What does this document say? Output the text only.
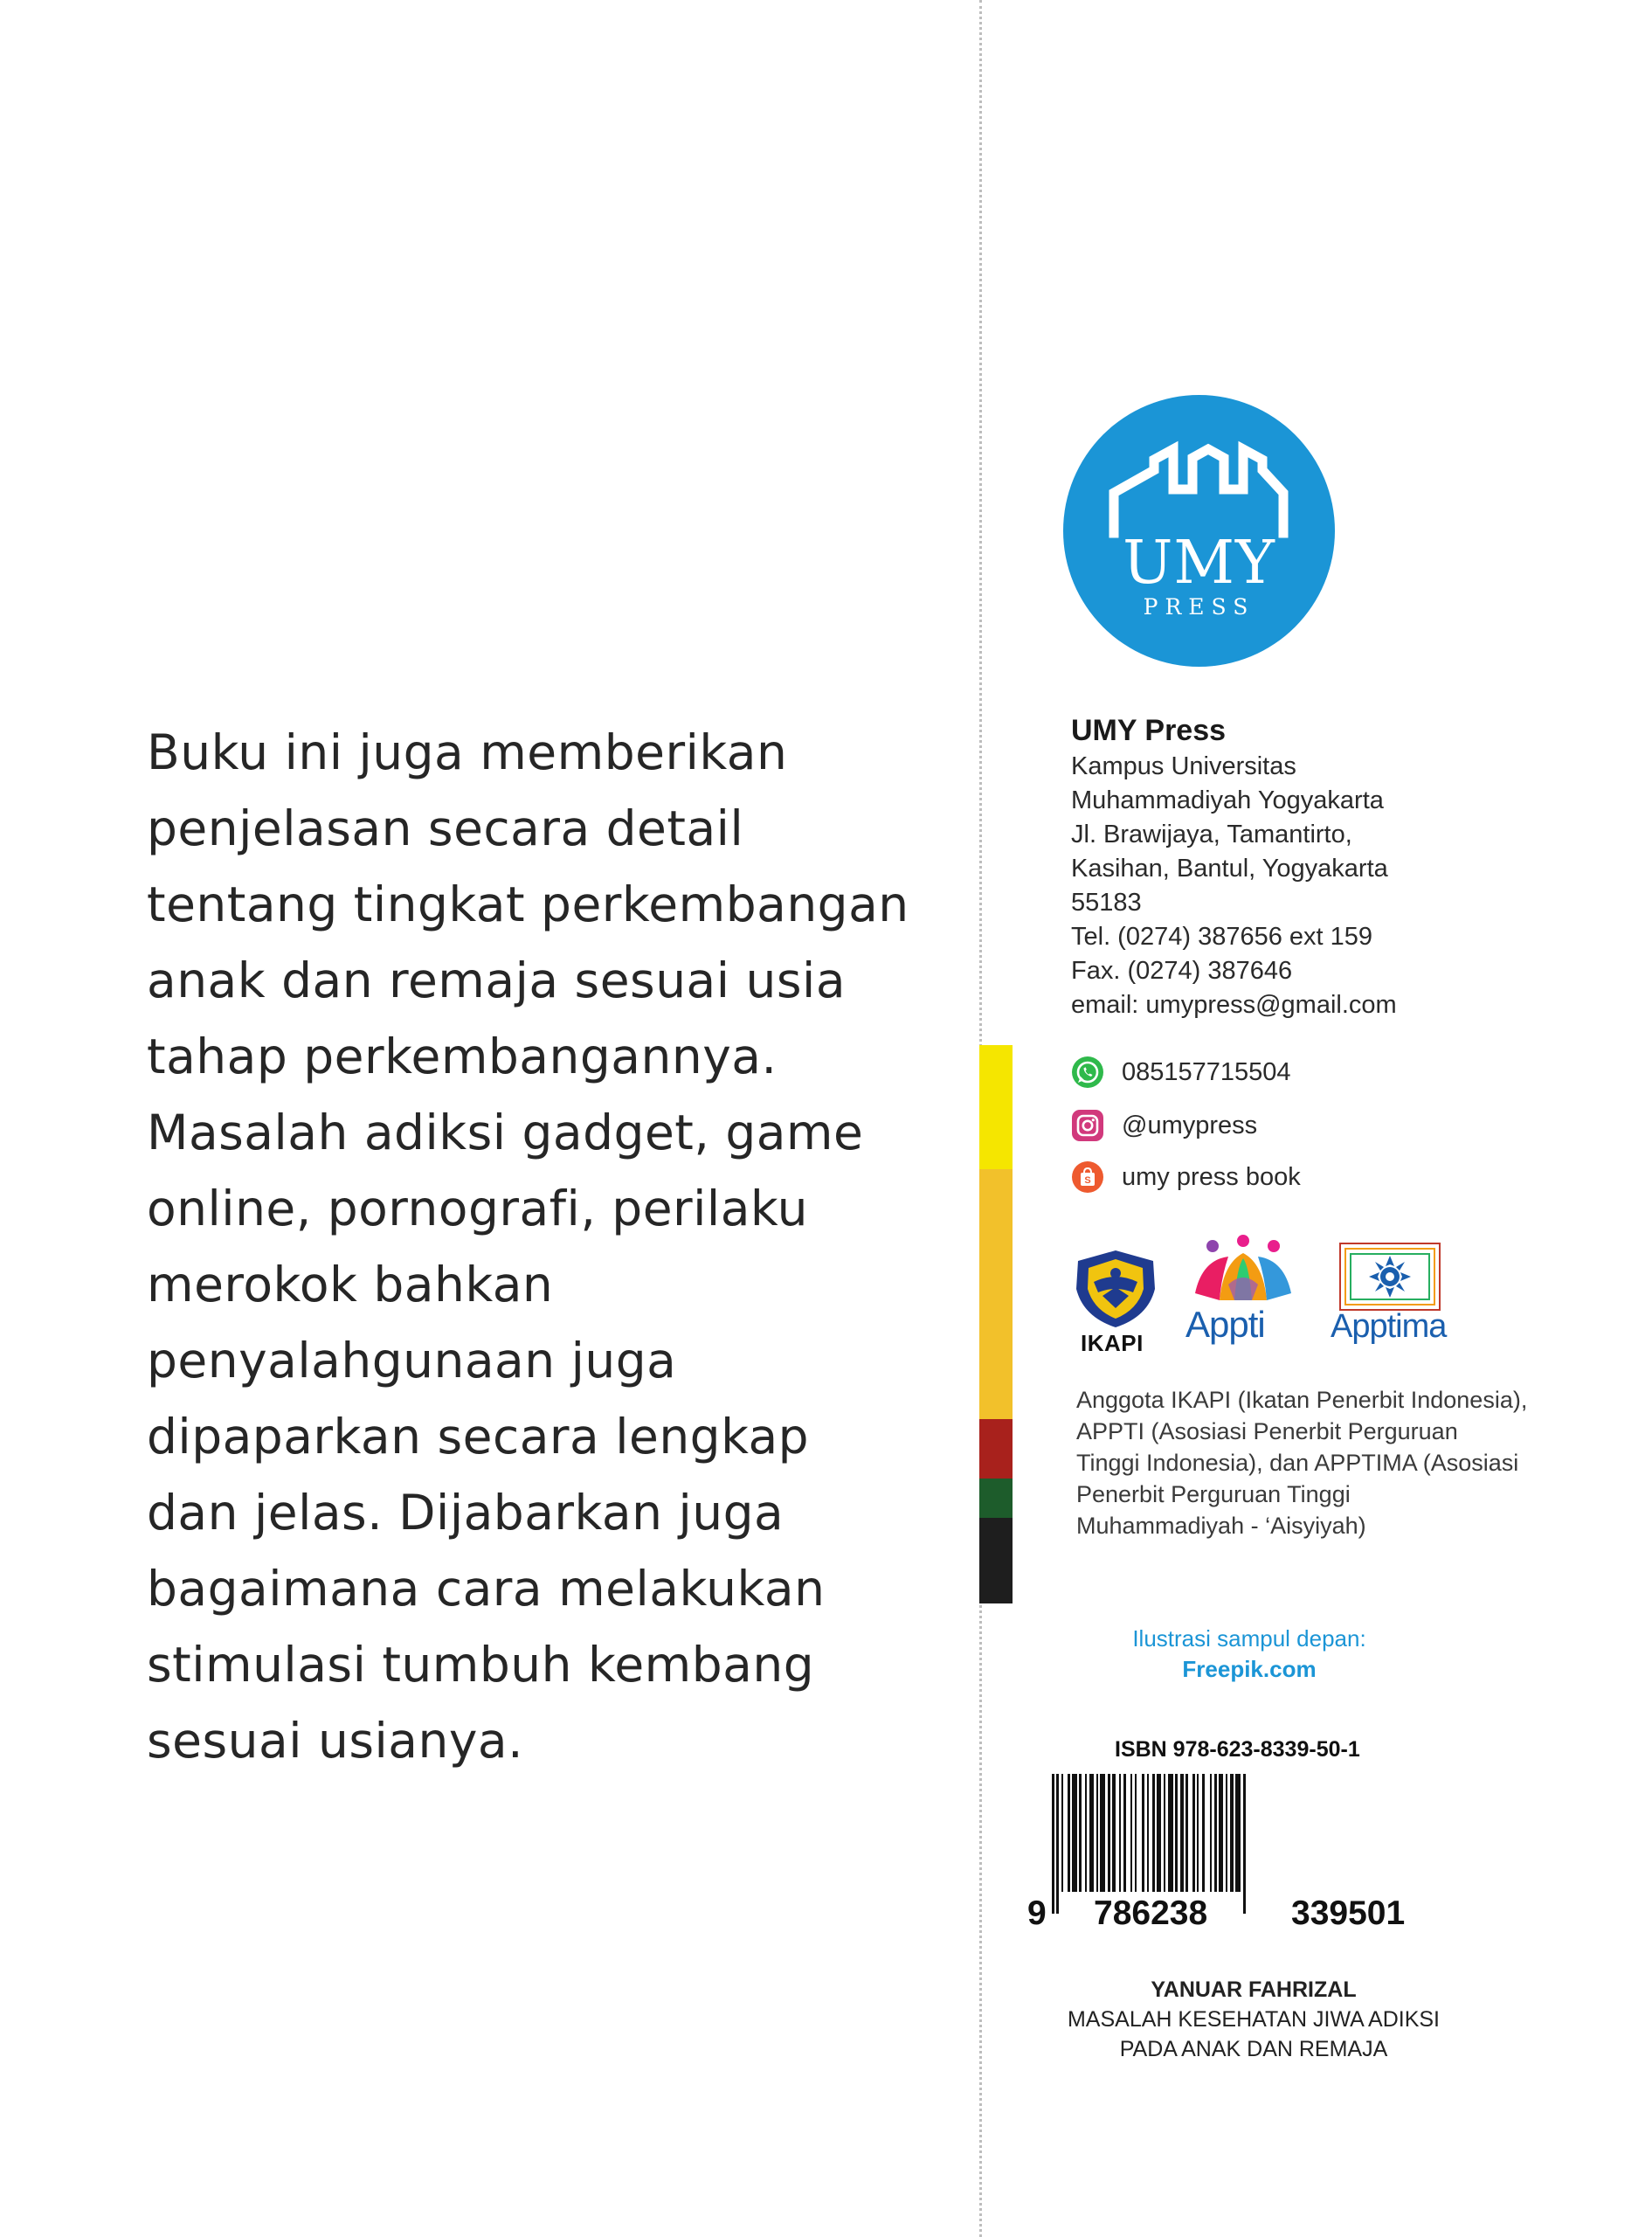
Buku ini juga memberikan
penjelasan secara detail
tentang tingkat perkembangan
anak dan remaja sesuai usia
tahap perkembangannya.
Masalah adiksi gadget, game
online, pornografi, perilaku
merokok bahkan
penyalahgunaan juga
dipaparkan secara lengkap
dan jelas. Dijabarkan juga
bagaimana cara melakukan
stimulasi tumbuh kembang
sesuai usianya.
UMY
PRESS
UMY Press
Kampus Universitas
Muhammadiyah Yogyakarta
Jl. Brawijaya, Tamantirto,
Kasihan, Bantul, Yogyakarta
55183
Tel. (0274) 387656 ext 159
Fax. (0274) 387646
email: umypress@gmail.com
085157715504
@umypress
S umy press book
IKAPI Appti Apptima
Anggota IKAPI (Ikatan Penerbit Indonesia),
APPTI (Asosiasi Penerbit Perguruan
Tinggi Indonesia), dan APPTIMA (Asosiasi
Penerbit Perguruan Tinggi
Muhammadiyah - ‘Aisyiyah)
Ilustrasi sampul depan:
Freepik.com
ISBN 978-623-8339-50-1
9 786238 339501
YANUAR FAHRIZAL
MASALAH KESEHATAN JIWA ADIKSI
PADA ANAK DAN REMAJA
